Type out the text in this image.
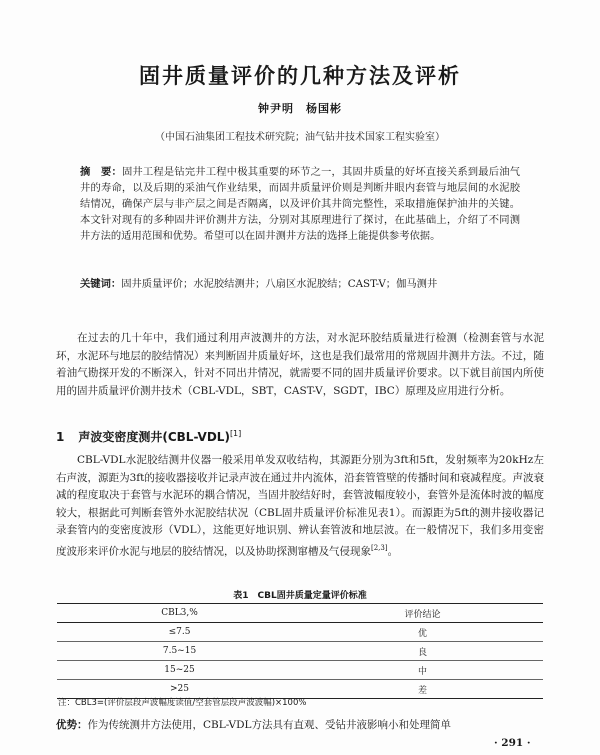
固井质量评价的几种方法及评析
钟尹明　杨国彬
（中国石油集团工程技术研究院；油气钻井技术国家工程实验室）
摘　要：固井工程是钻完井工程中极其重要的环节之一，其固井质量的好坏直接关系到最后油气井的寿命，以及后期的采油气作业结果，而固井质量评价则是判断井眼内套管与地层间的水泥胶结情况，确保产层与非产层之间是否隔离，以及评价其井筒完整性，采取措施保护油井的关键。本文针对现有的多种固井评价测井方法，分别对其原理进行了探讨，在此基础上，介绍了不同测井方法的适用范围和优势。希望可以在固井测井方法的选择上能提供参考依据。
关键词：固井质量评价；水泥胶结测井；八扇区水泥胶结；CAST-V；伽马测井
在过去的几十年中，我们通过利用声波测井的方法，对水泥环胶结质量进行检测（检测套管与水泥环，水泥环与地层的胶结情况）来判断固井质量好坏，这也是我们最常用的常规固井测井方法。不过，随着油气勘探开发的不断深入，针对不同出井情况，就需要不同的固井质量评价要求。以下就目前国内所使用的固井质量评价测井技术（CBL-VDL，SBT，CAST-V，SGDT，IBC）原理及应用进行分析。
1 声波变密度测井(CBL-VDL)[1]
CBL-VDL水泥胶结测井仪器一般采用单发双收结构，其源距分别为3ft和5ft，发射频率为20kHz左右声波，源距为3ft的接收器接收并记录声波在通过井内流体，沿套管管壁的传播时间和衰减程度。声波衰减的程度取决于套管与水泥环的耦合情况，当固井胶结好时，套管波幅度较小，套管外是流体时波的幅度较大，根据此可判断套管外水泥胶结状况（CBL固井质量评价标准见表1）。而源距为5ft的测井接收器记录套管内的变密度波形（VDL），这能更好地识别、辨认套管波和地层波。在一般情况下，我们多用变密度波形来评价水泥与地层的胶结情况，以及协助探测窜槽及气侵现象[2,3]。
表1　CBL固井质量定量评价标准
CBL3,%	评价结论
≤7.5	优
7.5~15	良
15~25	中
>25	差
注：CBL3=(评价层段声波幅度读值/空套管层段声波波幅)×100%
优势：作为传统测井方法使用，CBL-VDL方法具有直观、受钻井液影响小和处理简单
· 291 ·
